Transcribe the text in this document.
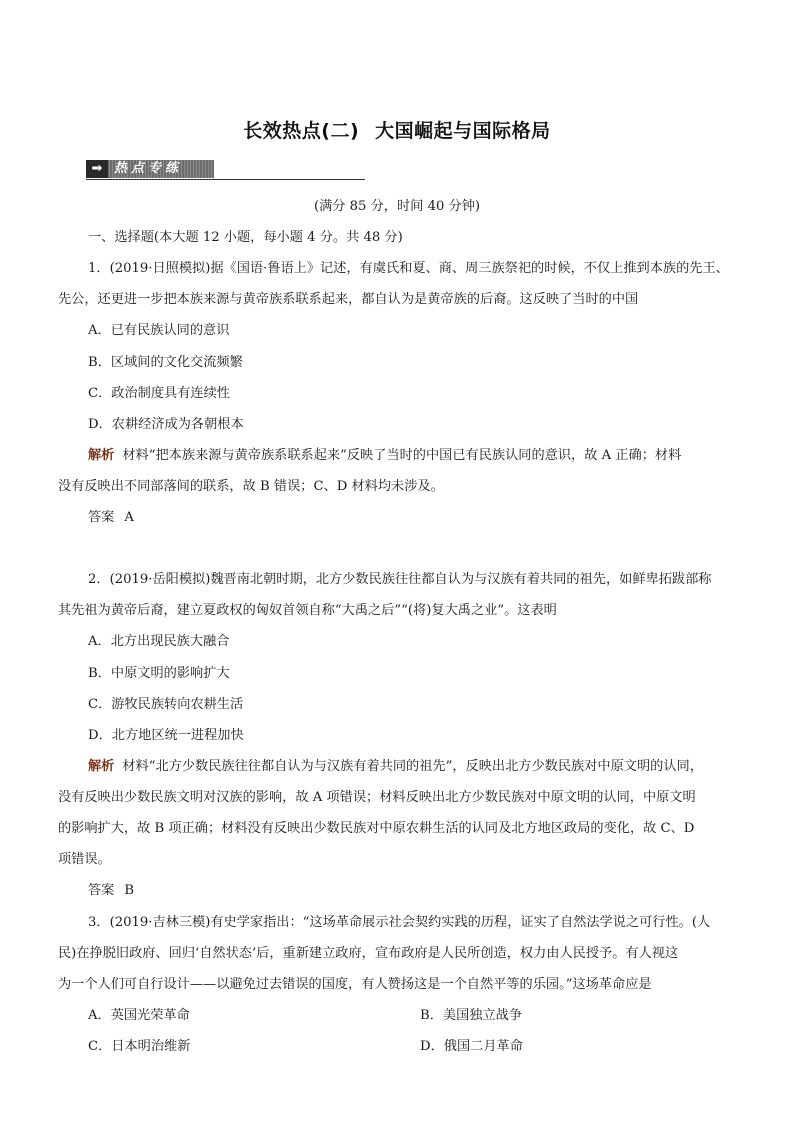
长效热点(二) 大国崛起与国际格局
➡ 热点专练
(满分 85 分，时间 40 分钟)
一、选择题(本大题 12 小题，每小题 4 分。共 48 分)
1．(2019·日照模拟)据《国语·鲁语上》记述，有虞氏和夏、商、周三族祭祀的时候，不仅上推到本族的先王、
先公，还更进一步把本族来源与黄帝族系联系起来，都自认为是黄帝族的后裔。这反映了当时的中国
A．已有民族认同的意识
B．区域间的文化交流频繁
C．政治制度具有连续性
D．农耕经济成为各朝根本
解析 材料“把本族来源与黄帝族系联系起来”反映了当时的中国已有民族认同的意识，故 A 正确；材料
没有反映出不同部落间的联系，故 B 错误；C、D 材料均未涉及。
答案 A
2．(2019·岳阳模拟)魏晋南北朝时期，北方少数民族往往都自认为与汉族有着共同的祖先，如鲜卑拓跋部称
其先祖为黄帝后裔，建立夏政权的匈奴首领自称“大禹之后”“(将)复大禹之业”。这表明
A．北方出现民族大融合
B．中原文明的影响扩大
C．游牧民族转向农耕生活
D．北方地区统一进程加快
解析 材料“北方少数民族往往都自认为与汉族有着共同的祖先”，反映出北方少数民族对中原文明的认同，
没有反映出少数民族文明对汉族的影响，故 A 项错误；材料反映出北方少数民族对中原文明的认同，中原文明
的影响扩大，故 B 项正确；材料没有反映出少数民族对中原农耕生活的认同及北方地区政局的变化，故 C、D
项错误。
答案 B
3．(2019·吉林三模)有史学家指出：“这场革命展示社会契约实践的历程，证实了自然法学说之可行性。(人
民)在挣脱旧政府、回归‘自然状态’后，重新建立政府，宣布政府是人民所创造，权力由人民授予。有人视这
为一个人们可自行设计——以避免过去错误的国度，有人赞扬这是一个自然平等的乐园。”这场革命应是
A．英国光荣革命	B．美国独立战争
C．日本明治维新	D．俄国二月革命
